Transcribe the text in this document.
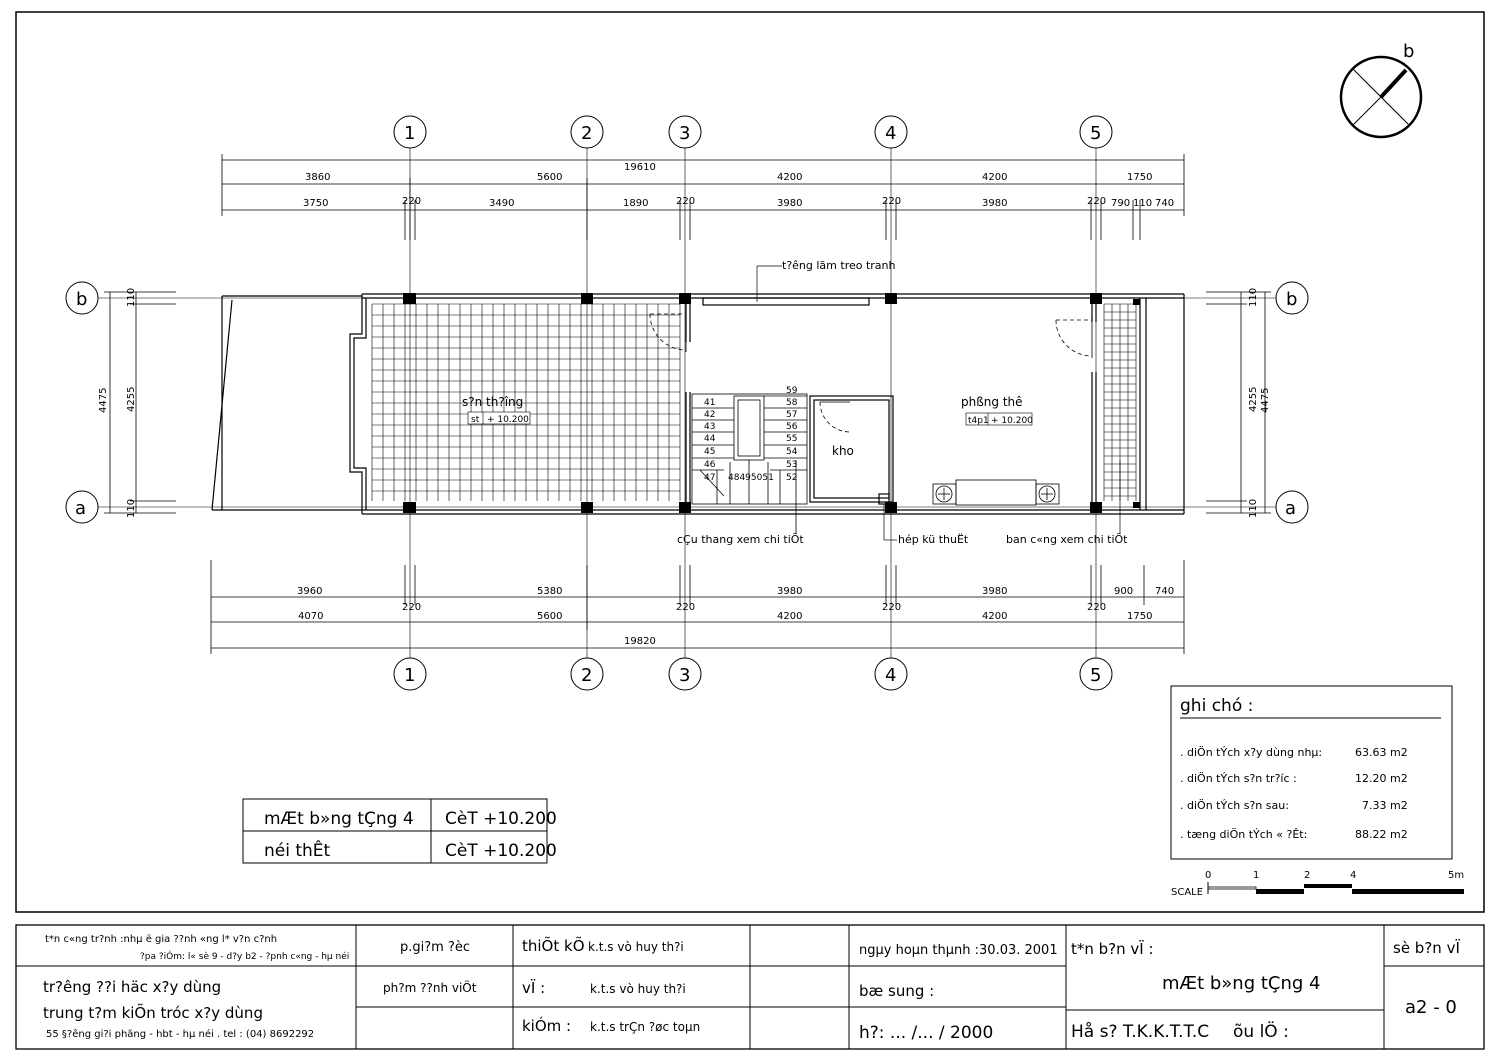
b
1	2	3	4	5
1	2	3	4	5
b
a
b
a
19610
3860	5600	4200	4200	1750
3750	220	3490	1890	220	3980	220	3980	220 790 110 740
3960	5380	3980	3980	900 740
4070
220
5600
220
4200
220
4200
220
1750
19820
4475
110
4255
110
110
4255 4475
110
41
42
43
44
45
46
47
59
58
57
56
55
54
53
52
48495051
s?n th?îng
st + 10.200
phßng thê
t4p1 + 10.200
kho
t?êng lãm treo tranh
cÇu thang xem chi tiÕt	hép kü thuËt	ban c«ng xem chi tiÕt
mÆt b»ng tÇng 4 CèT +10.200
néi thÊt	CèT +10.200
ghi chó :
. diÖn tÝch x?y dùng nhµ:	63.63 m2
. diÖn tÝch s?n tr?íc :	12.20 m2
. diÖn tÝch s?n sau:	7.33 m2
. tæng diÖn tÝch « ?Êt:	88.22 m2
SCALE
0	1	2	4	5m
t*n c«ng tr?nh :nhµ ë gia ??nh «ng l* v?n c?nh
?pa ?iÓm: l« sè 9 - d?y b2 - ?pnh c«ng - hµ néi
tr?êng ??i häc x?y dùng
trung t?m kiÕn tróc x?y dùng
55 §?êng gi?i phãng - hbt - hµ néi . tel : (04) 8692292
p.gi?m ?èc
ph?m ??nh viÖt
thiÕt kÕ k.t.s vò huy th?i
vÏ :	k.t.s vò huy th?i
kiÓm : k.t.s trÇn ?øc toµn
ngµy hoµn thµnh :30.03. 2001
bæ sung :
h?: ... /... / 2000
t*n b?n vÏ :
mÆt b»ng tÇng 4
Hå s? T.K.K.T.T.C õu lÖ :
sè b?n vÏ
a2 - 0
